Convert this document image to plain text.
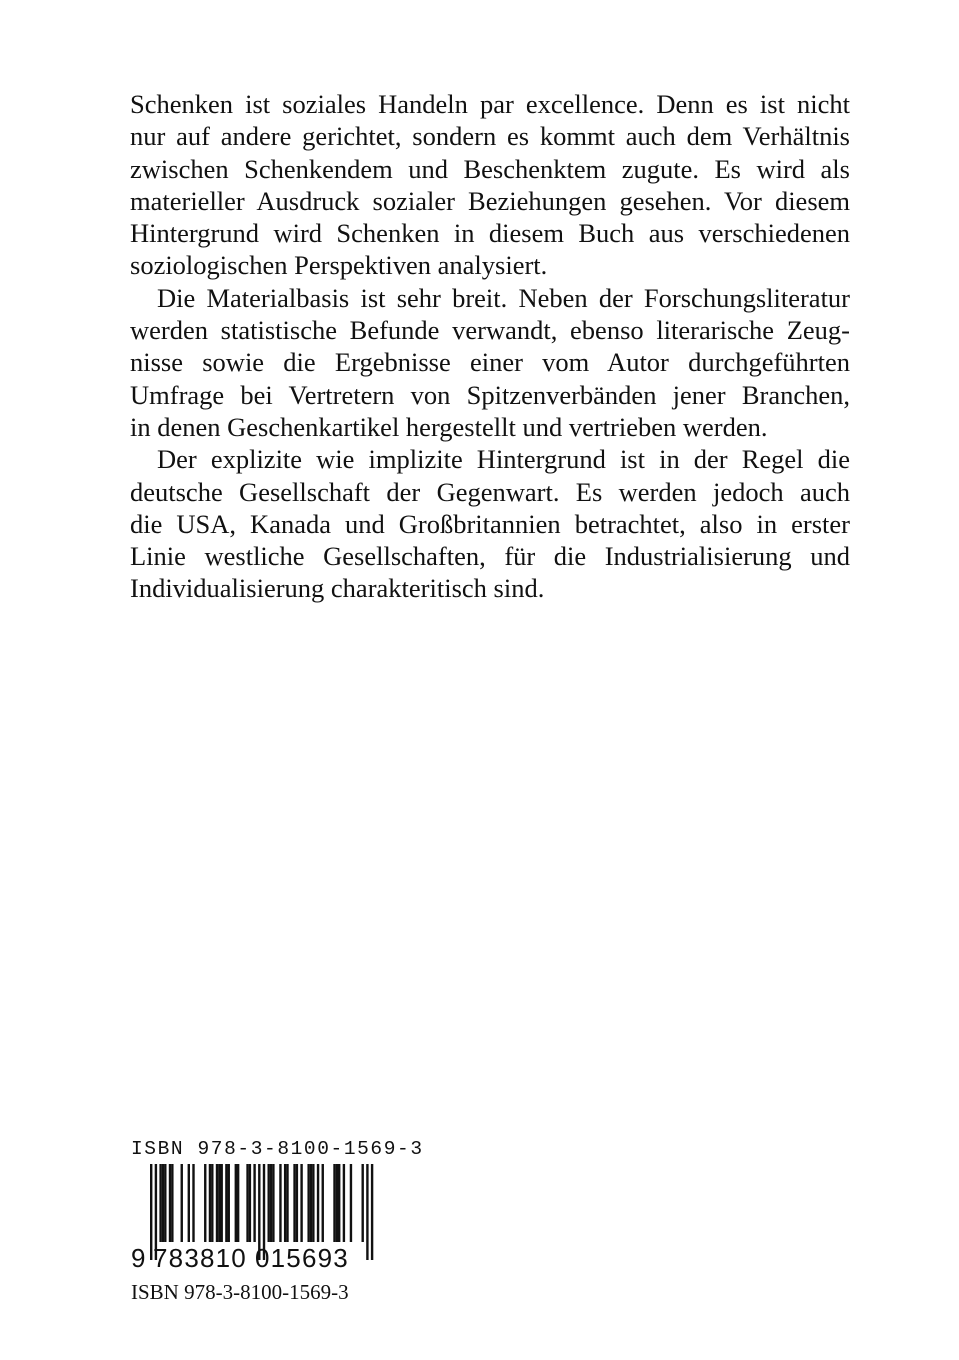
Schenken ist soziales Handeln par excellence. Denn es ist nicht
nur auf andere gerichtet, sondern es kommt auch dem Verhältnis
zwischen Schenkendem und Beschenktem zugute. Es wird als
materieller Ausdruck sozialer Beziehungen gesehen. Vor diesem
Hintergrund wird Schenken in diesem Buch aus verschiedenen
soziologischen Perspektiven analysiert.

Die Materialbasis ist sehr breit. Neben der Forschungsliteratur
werden statistische Befunde verwandt, ebenso literarische Zeug-
nisse sowie die Ergebnisse einer vom Autor durchgeführten
Umfrage bei Vertretern von Spitzenverbänden jener Branchen,
in denen Geschenkartikel hergestellt und vertrieben werden.

Der explizite wie implizite Hintergrund ist in der Regel die
deutsche Gesellschaft der Gegenwart. Es werden jedoch auch
die USA, Kanada und Großbritannien betrachtet, also in erster
Linie westliche Gesellschaften, für die Industrialisierung und
Individualisierung charakteritisch sind.

ISBN 978-3-8100-1569-3
9 783810 015693
ISBN 978-3-8100-1569-3
